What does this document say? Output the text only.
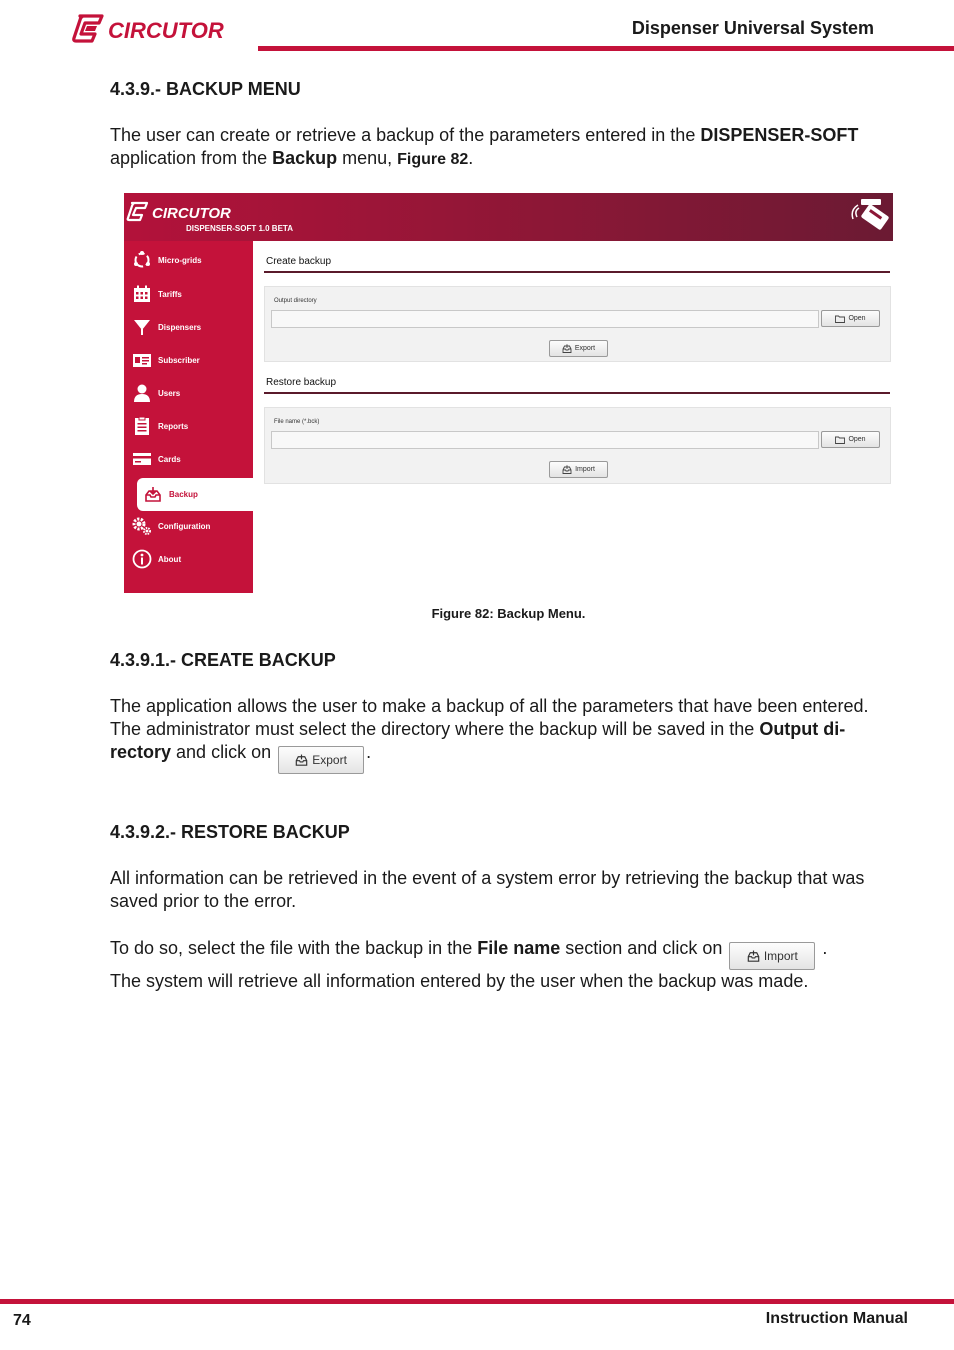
CIRCUTOR	Dispenser Universal System
4.3.9.- BACKUP MENU
The user can create or retrieve a backup of the parameters entered in the DISPENSER-SOFT
application from the Backup menu, Figure 82.
CIRCUTOR
DISPENSER-SOFT 1.0 BETA
Micro-grids
Tariffs
Dispensers
Subscriber
Users
Reports
Cards
Backup
Configuration
About
Create backup
Output directory
Open
Export
Restore backup
File name (*.bck)
Open
Import
Figure 82: Backup Menu.
4.3.9.1.- CREATE BACKUP
The application allows the user to make a backup of all the parameters that have been entered.
The administrator must select the directory where the backup will be saved in the Output di-
rectory and click on	Export .
4.3.9.2.- RESTORE BACKUP
All information can be retrieved in the event of a system error by retrieving the backup that was saved prior to the error.
To do so, select the file with the backup in the File name section and click on	Import .
The system will retrieve all information entered by the user when the backup was made.
74	Instruction Manual
